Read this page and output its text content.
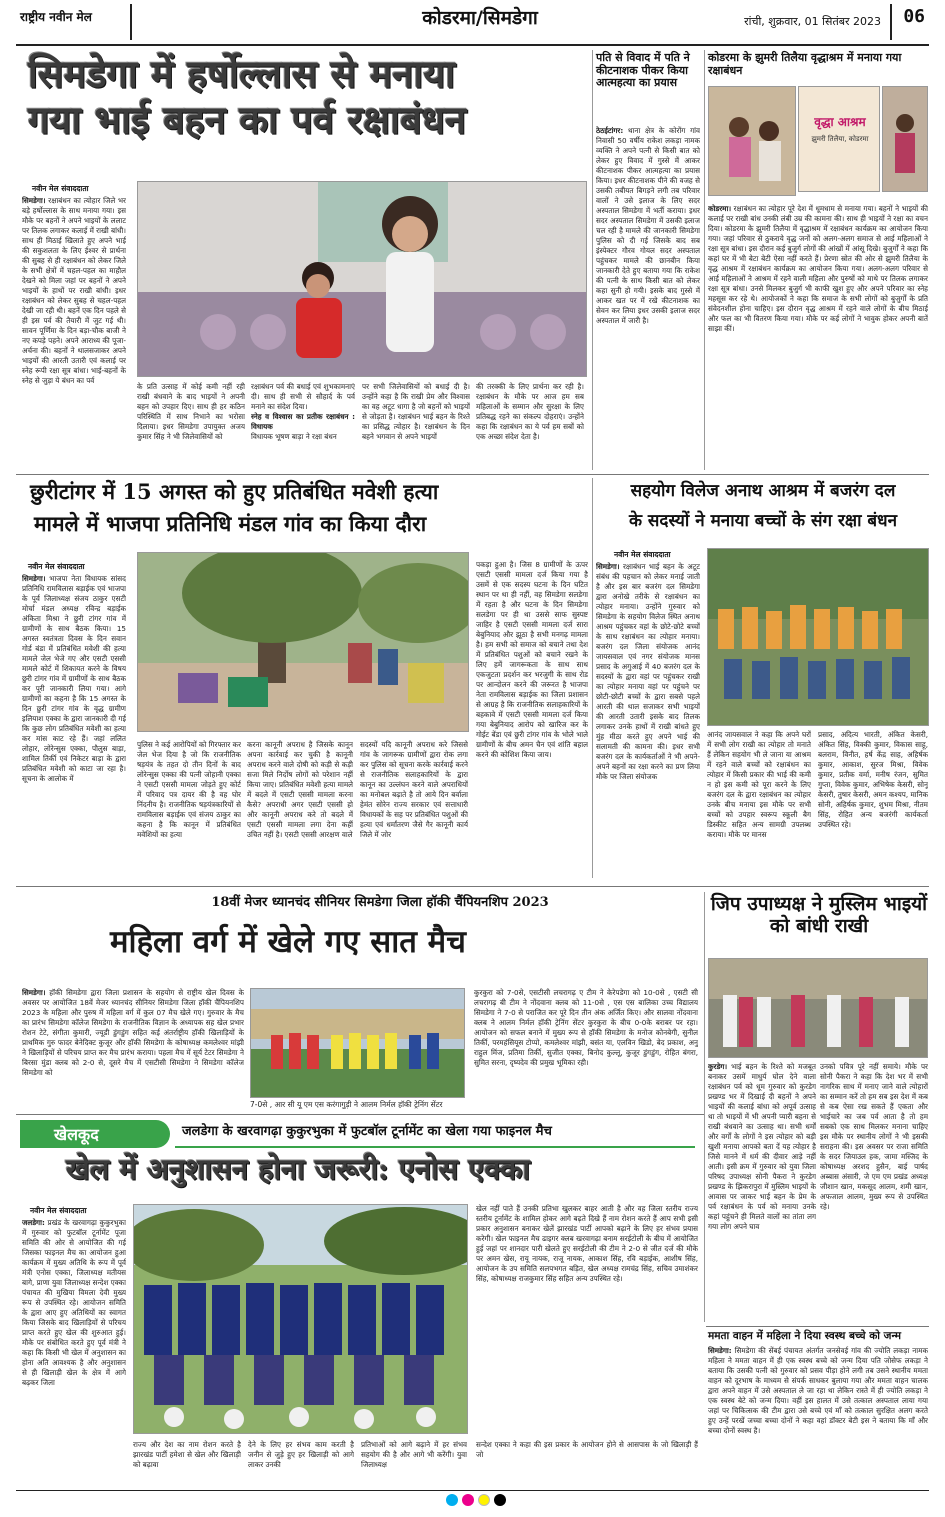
राष्ट्रीय नवीन मेल	कोडरमा/सिमडेगा	रांची, शुक्रवार, 01 सितंबर 2023 06
सिमडेगा में हर्षोल्लास से मनाया
गया भाई बहन का पर्व रक्षाबंधन
नवीन मेल संवाददाता
सिमडेगा। रक्षाबंधन का त्योहार जिले भर बड़े हर्षोल्लास के साथ मनाया गया। इस मौके पर बहनों ने अपने भाइयों के ललाट पर तिलक लगाकर कलाई में राखी बांधी। साथ ही मिठाई खिलाते हुए अपने भाई की सकुशलता के लिए ईश्वर से प्रार्थना की सुबह से ही रक्षाबंधन को लेकर जिले के सभी क्षेत्रों में चहल-पहल का माहौल देखने को मिला जहां पर बहनों ने अपने भाइयों के हाथों पर राखी बांधी। इधर रक्षाबंधन को लेकर सुबह से चहल-पहल देखी जा रही थी। बहनें एक दिन पहले से ही इस पर्व की तैयारी में जुट गई थी। सावन पूर्णिमा के दिन बड़ा-चौक बाजी ने नए कपड़े पहने। अपने आराध्य की पूजा-अर्चना की। बहनों ने थालसजाकर अपने भाइयों की आरती उतारी एवं कलाई पर स्नेह रूपी रक्षा सूत्र बांधा। भाई-बहनों के स्नेह से जुड़ा ये बंधन का पर्व
के प्रति उत्साह में कोई कमी नहीं रही राखी बंधवाने के बाद भाइयों ने अपनी बहन को उपहार दिए। साथ ही हर कठिन परिस्थिति में साथ निभाने का भरोसा दिलाया। इधर सिमडेगा उपायुक्त अजय कुमार सिंह ने भी जिलेवासियों को
रक्षाबंधन पर्व की बधाई एवं शुभकामनाएं दी। साथ ही सभी से सौहार्द के पर्व मनाने का संदेश दिया।
स्नेह व विश्वास का प्रतीक रक्षाबंधन : विधायक
विधायक भूषण बाड़ा ने रक्षा बंधन
पर सभी जिलेवासियों को बधाई दी है। उन्होंने कहा है कि राखी प्रेम और विश्वास का वह अटूट धागा है जो बहनों को भाइयों से जोड़ता है। रक्षाबंधन भाई बहन के रिश्ते का प्रसिद्ध त्योहार है। रक्षाबंधन के दिन बहने भगवान से अपने भाइयों
की तरक्की के लिए प्रार्थना कर रही है। रक्षाबंधन के मौके पर आज हम सब महिलाओं के सम्मान और सुरक्षा के लिए प्रतिबद्ध रहने का संकल्प दोहराएं। उन्होंने कहा कि रक्षाबंधन का ये पर्व हम सबों को एक अच्छा संदेश देता है।
पति से विवाद में पति ने कीटनाशक पीकर किया आत्महत्या का प्रयास
ठेठईटांगर: थाना क्षेत्र के कोरोंग गांव निवासी 50 वर्षीय राकेश लकड़ा नामक व्यक्ति ने अपने पत्नी से किसी बात को लेकर हुए विवाद में गुस्से में आकर कीटनाशक पीकर आत्महत्या का प्रयास किया। इधर कीटनाशक पीने की वजह से उसकी तबीयत बिगड़ने लगी तब परिवार वालों ने उसे इलाज के लिए सदर अस्पताल सिमडेगा में भर्ती कराया। इधर सदर अस्पताल सिमडेगा में उसकी इलाज चल रही है मामले की जानकारी सिमडेगा पुलिस को दी गई जिसके बाद सब इंस्पेक्टर गौरव गोयल सदर अस्पताल पहुंचकर मामले की छानबीन किया जानकारी देते हुए बताया गया कि राकेश की पत्नी के साथ किसी बात को लेकर कहा सुनी हो गयी। इसके बाद गुस्से में आकर खत पर में रखे कीटनाशक का सेवन कर लिया इधर उसकी इलाज सदर अस्पताल में जारी है।
कोडरमा के झुमरी तिलैया वृद्धाश्रम में मनाया गया रक्षाबंधन
वृद्धा आश्रम
झुमरी तिलैया, कोडरमा
कोडरमा। रक्षाबंधन का त्योहार पूरे देश में धूमधाम से मनाया गया। बहनों ने भाइयों की कलाई पर राखी बांध उनकी लंबी उम्र की कामना की। साथ ही भाइयों ने रक्षा का वचन दिया। कोडरमा के झुमरी तिलैया में वृद्धाश्रम में रक्षाबंधन कार्यक्रम का आयोजन किया गया। जहां परिवार से ठुकराये वृद्ध जनों को अलग-अलग समाज से आई महिलाओं ने रक्षा सूत्र बांधा। इस दौरान कई बुजुर्ग लोगों की आंखों में आंसू दिखे। बुजुर्गों ने कहा कि कहां घर में भी बेटा बेटी ऐसा नहीं करते हैं। प्रेरणा स्रोत की ओर से झुमरी तिलैया के वृद्ध आश्रम में रक्षाबंधन कार्यक्रम का आयोजन किया गया। अलग-अलग परिवार से आई महिलाओं ने आश्रम में रहने वाली महिला और पुरुषों को माथे पर तिलक लगाकर रक्षा सूत्र बांधा। उनसे मिलकर बुजुर्ग भी काफी खुश हुए और अपने परिवार का स्नेह महसूस कर रहे थे। आयोजकों ने कहा कि समाज के सभी लोगों को बुजुर्गों के प्रति संवेदनशील होना चाहिए। इस दौरान वृद्ध आश्रम में रहने वाले लोगों के बीच मिठाई और फल का भी वितरण किया गया। मौके पर कई लोगों ने भावुक होकर अपनी बातें साझा कीं।
छुरीटांगर में 15 अगस्त को हुए प्रतिबंधित मवेशी हत्या
मामले में भाजपा प्रतिनिधि मंडल गांव का किया दौरा
नवीन मेल संवाददाता
सिमडेगा। भाजपा नेता विधायक सांसद प्रतिनिधि रामविलास बड़ाईक एवं भाजपा के पूर्व जिलाध्यक्ष संजय ठाकुर एसटी मोर्चा मंडल अध्यक्ष रविन्द्र बड़ाईक अंकिता मिश्रा ने छुरी टांगर गांव में ग्रामीणों के साथ बैठक किया। 15 अगस्त स्वतंत्रता दिवस के दिन सवान गोर्ड बंडा में प्रतिबंधित मवेशी की हत्या मामले जेल भेजे गए और एसटी एससी मामले कोर्ट में शिकायत करने के विषय छुरी टांगर गांव में ग्रामीणों के साथ बैठक कर पूरी जानकारी लिया गया। आगे ग्रामीणों का कहना है कि 15 अगस्त के दिन छुरी टांगर गांव के वृद्ध ग्रामीण इलियाश एक्का के द्वारा जानकारी दी गई कि कुछ लोग प्रतिबंधित मवेशी का हत्या कर मांस काट रहे हैं। जहां ललित लोहार, लोरेन्सुस एक्का, पौलुस बाड़ा, शामिल तिर्की एवं निकेटर बाड़ा के द्वारा प्रतिबंधित मवेशी को काटा जा रहा है। सूचना के आलोक में
पुलिस ने कई आरोपियों को गिरफ्तार कर जेल भेज दिया है जो कि राजनीतिक षड़यंत्र के तहत दो तीन दिनों के बाद लोरेन्सुस एक्का की पत्नी जोहानी एक्का ने एसटी एससी मामला जोड़ते हुए कोर्ट में परिवाद पत्र दायर की है वह घोर निंदनीय है। राजनीतिक षड़यंत्रकारियों से रामविलास बड़ाईक एवं संजय ठाकुर का कहना है कि कानून में प्रतिबंधित मवेशियों का हत्या
करना कानूनी अपराध है जिसके कानून अपना कार्रवाई कर चुकी है कानूनी अपराध करने वाले दोषी को कड़ी से कड़ी सजा मिले निर्दोष लोगों को परेशान नहीं किया जाए। प्रतिबंधित मवेशी हत्या मामले में बदले में एसटी एससी मामला करना कैसे? अपराधी अगर एसटी एससी हो और कानूनी अपराध करे तो बदले में एसटी एससी मामला लगा देना कहीं उचित नहीं है। एसटी एससी आरक्षण वाले
सदस्यों यदि कानूनी अपराध करे जिससे गांव के जागरूक ग्रामीणों द्वारा रोक लगा कर पुलिस को सूचना करके कार्रवाई करने से राजनीतिक सलाहकारियों के द्वारा कानून का उल्लंघन करने वाले अपराधियों का मनोबल बढ़ाते है तो आये दिन बर्वाला हेमंत सोरेन राज्य सरकार एवं सत्ताधारी विधायकों के सह पर प्रतिबंधित पशुओं की हत्या एवं धर्मांतरण जैसे गैर कानूनी कार्य जिले में जोर
पकड़ा हुआ है। जिस 8 ग्रामीणों के ऊपर एसटी एससी मामला दर्ज किया गया है उसमें से एक सदस्य घटना के दिन घटित स्थान पर था ही नहीं, वह सिमडेगा सलडेगा में रहता है और घटना के दिन सिमडेगा सलडेगा पर ही था उससे साफ सुस्पष्ट जाहिर है एसटी एससी मामला दर्ज सारा बेबुनियाद और झूठा है सभी मनगढ़ मामला है। हम सभी को समाज को बचाने तथा देश में प्रतिबंधित पशुओं को बचाने रखने के लिए हमें जागरूकता के साथ साथ एकजुटता प्रदर्शन कर भरजुगी के साथ रोड पर आन्दोलन करने की जरूरत है भाजपा नेता रामविलास बड़ाईक का जिला प्रशासन से आग्रह है कि राजनीतिक सलाहकारियों के बहकावे में एसटी एससी मामला दर्ज किया गया बेबुनियाद आरोप को खारिज कर के गोईट बेंडा एवं छुरी टांगर गांव के भोले भाले ग्रामीणों के बीच अमन चैन एवं शांति बहाल करने की कोशिश किया जाय।
सहयोग विलेज अनाथ आश्रम में बजरंग दल
के सदस्यों ने मनाया बच्चों के संग रक्षा बंधन
नवीन मेल संवाददाता
सिमडेगा। रक्षाबंधन भाई बहन के अटूट संबंध की पहचान को लेकर मनाई जाती है और इस बार बजरंग दल सिमडेगा द्वारा अनोखे तरीके से रक्षाबंधन का त्योहार मनाया। उन्होंने गुरुवार को सिमडेगा के सहयोग विलेज स्थित अनाथ आश्रम पहुंचकर वहां के छोटे-छोटे बच्चों के साथ रक्षाबंधन का त्योहार मनाया। बजरंग दल जिला संयोजक आनंद जायसवाल एवं नगर संयोजक मानस प्रसाद के अगुआई में 40 बजरंग दल के सदस्यों के द्वारा वहां पर पहुंचकर राखी का त्योहार मनाया वहां पर पहुंचने पर छोटी-छोटी बच्चों के द्वारा सबसे पहले आरती की थाल सजाकर सभी भाइयों की आरती उतारी इसके बाद तिलक लगाकर उनके हाथों में राखी बांधते हुए मुंह मीठा करते हुए अपने भाई की सलामती की कामना की। इधर सभी बजरंग दल के कार्यकर्ताओं ने भी अपने-अपने बहनों का रक्षा करने का प्रण लिया मौके पर जिला संयोजक
आनंद जायसवाल ने कहा कि अपने घरों में सभी लोग राखी का त्योहार तो मनाते हैं लेकिन सहयोग भी ले जाना या आश्रम में रहने वाले बच्चों को रक्षाबंधन का त्योहार में किसी प्रकार की भाई की कमी न हो इस कमी को पूरा करने के लिए बजरंग दल के द्वारा रक्षाबंधन का त्योहार उनके बीच मनाया इस मौके पर सभी बच्चों को उपहार स्वरूप स्कूली बैग डिस्कीट सहित अन्य सामग्री उपलब्ध कराया। मौके पर मानस
प्रसाद, अदित्य भारती, अंकित केसरी, अंकित सिंह, विक्की कुमार, विकास साहू, बलराम, विनीत, हर्ष केंद्र साह, अहिर्षक कुमार, आकाश, सुरज मिश्रा, विवेक कुमार, प्रतीक वर्मा, मनीष रंजन, सुमित गुप्ता, विवेक कुमार, अभिषेक केसरी, सोनू केसरी, तुषार केसरी, अमन कश्यप, मानिक सोनी, अहिर्षक कुमार, शुभम मिश्रा, नीतम सिंह, रोहित अन्य बजरंगी कार्यकर्ता उपस्थित रहे।
18वीं मेजर ध्यानचंद सीनियर सिमडेगा जिला हॉकी चैंपियनशिप 2023
महिला वर्ग में खेले गए सात मैच
सिमडेगा। हॉकी सिमडेगा द्वारा जिला प्रशासन के सहयोग से राष्ट्रीय खेल दिवस के अवसर पर आयोजित 18वें मेजर ध्यानचंद सीनियर सिमडेगा जिला हॉकी चैंपियनशिप 2023 के महिला और पुरुष में महिला वर्ग में कुल 07 मैच खेले गए। गुरुवार के मैच का प्रारंभ सिमडेगा कॉलेज सिमडेगा के राजनीतिक विज्ञान के अध्यापक सह खेल प्रभार रोशन टेटे, संगीता कुमारी, ज्यूडी डुंगडुंग सहित कई अंतर्राष्ट्रीय हॉकी खिलाड़ियों के प्राथमिक गुरु फादर बेनेदिक्ट कुजूर और हॉकी सिमडेगा के कोषाध्यक्ष कमलेश्वर मांझी ने खिलाड़ियों से परिचय प्राप्त कर मैच प्रारंभ कराया। पहला मैच में सूर्य टेटर सिमडेगा ने बिरसा मुंडा क्लब को 2-0 से, दूसरे मैच में एसटीसी सिमडेगा ने सिमडेगा कॉलेज सिमडेगा को
7-0से , आर सी यू एम एस करंगागुड़ी ने आलम निर्मल हॉकी ट्रेनिंग सेंटर
कुरकुरा को 7-0से, एसटीसी लचरागढ़ ए टीम ने केरेपडेगा को 10-0से , एसटी सी लचरागढ़ बी टीम ने नोंदवाना क्लब को 11-0से , एस एस बालिका उच्च विद्यालय सिमडेगा ने 7-0 से पराजित कर पूरे दिन तीन अंक अर्जित किए। और सालवा नोंदवाना क्लब ने आलम निर्मल हॉकी ट्रेनिंग सेंटर कुरकुरा के बीच 0-0के बराबर पर रहा। आयोजन को सफल बनाने में मुख्य रूप से हॉकी सिमडेगा के मनोज कोनबेगी, सुनील तिर्की, परमहंसियूस टोप्पो, कमलेश्वर मांझी, बसंत या, एलविन खिडो, बेद प्रकाश, अनु राहुल मिंज, प्रतिमा तिर्की, सुजीत एक्का, बिनोद कुल्लू, कुजूर डुंगडुंग, रोहित बंगरा, सुमित सरना, दृष्यदेव की प्रमुख भूमिका रही।
जिप उपाध्यक्ष ने मुस्लिम भाइयों को बांधी राखी
कुरडेग। भाई बहन के रिश्ते को मजबूत बनाकर उसमें माधुर्य घोल देने वाला रक्षाबंधन पर्व को धूम गुरुवार को कुरडेग प्रखण्ड भर में दिखाई दी बहनों ने अपने भाइयों की कलाई बांधा को अपूर्व उत्साह था तो भाइयों में भी अपनी प्यारी बहना से राखी बंधवाने का उत्साह था। सभी धर्मों और वर्गों के लोगों ने इस त्योहार को बड़ी खुशी मनाया आपको बता दें यह त्योहार है जिसे मानने में धर्म की दीवार आड़े नहीं आती। इसी क्रम में गुरुवार को युवा जिला परिषद उपाध्यक्ष सोनी पैकरा ने कुरडेग प्रखण्ड के झिकरापुरा में मुस्लिम भाइयों के आवास पर जाकर भाई बहन के प्रेम के पर्व रक्षाबंधन के पर्व को मनाया उनके कहां पहुंचने ही मिलते वालों का तांता लग गया लोग अपने घाव
उनको पवित्र पूरे नहीं समाये। मौके पर सोनी पैकरा ने कहा कि देश भर में सभी नागरिक साथ में मनाए जाने वाले त्योहारों का सम्मान करें तो हम सब इस देश में कब से कब ऐसा रख सकते हैं एकता और भाईचारे का जब पर्व आता है तो हम सबको एक साथ मिलकर मनाना चाहिए इस मौके पर स्थानीय लोगों ने भी इसकी सराहना की। इस अवसर पर राजा समिति के सदर जियाउल हक, जामा मस्जिद के कोषाध्यक्ष अरशद हुसैन, बाई पार्षद अब्बास अंसारी, जे एम एम प्रखंड अध्यक्ष जीशान खान, मकसूद आलम, शमी खान, अफजाल आलम, मुख्य रूप से उपस्थित रहे।
ममता वाहन में महिला ने दिया स्वस्थ बच्चे को जन्म
सिमडेगा: सिमडेगा की सेंबई पंचायत अंतर्गत जनसेवई गांव की ज्योति लकड़ा नामक महिला ने ममता वाहन में ही एक स्वस्थ बच्चे को जन्म दिया पति जोसेफ लकड़ा ने बताया कि उसकी पत्नी को गुरुवार को प्रसव पीड़ा होने लगी तब उसने स्थानीय ममता वाहन को दूरभाष के माध्यम से संपर्क साधकर बुलाया गया और ममता वाहन चालक द्वारा अपने वाहन में उसे अस्पताल ले जा रहा था लेकिन रास्ते में ही ज्योति लकड़ा ने एक स्वस्थ बेटे को जन्म दिया। वहीं इस हालत में उसे तत्काल अस्पताल लाया गया जहां पर चिकित्सक की टीम द्वारा उसे बच्चे एवं माँ को तत्काल सुरक्षित अलग करते हुए उन्हें परखें जच्चा बच्चा दोनों ने कहा वहां डॉक्टर बेटी इस ने बताया कि माँ और बच्चा दोनों स्वस्थ है।
खेलकूद	जलडेगा के खरवागढ़ा कुकुरभुका में फुटबॉल टूर्नामेंट का खेला गया फाइनल मैच
खेल में अनुशासन होना जरूरी: एनोस एक्का
नवीन मेल संवाददाता
जलडेगा: प्रखंड के खरवागढ़ा कुकुरभुका में गुरुवार को फुटबॉल टूर्नामेंट पूजा समिति की ओर से आयोजित की गई जिसका फाइनल मैच का आयोजन हुआ कार्यक्रम में मुख्य अतिथि के रूप में पूर्व मंत्री एनोस एक्का, जिलाध्यक्ष मतीयस बागे, प्राणा युवा जिलाध्यक्ष सन्देश एक्का पंचायत की मुखिया विमला देवी मुख्य रूप से उपस्थित रहे। आयोजन समिति के द्वारा आए हुए अतिथियों का स्वागत किया जिसके बाद खिलाड़ियों से परिचय प्राप्त करते हुए खेल की शुरुआत हुई। मौके पर संबोधित करते हुए पूर्व मंत्री ने कहा कि किसी भी खेल में अनुशासन का होना अति आवश्यक है और अनुशासन से ही खिलाड़ी खेल के क्षेत्र में आगे बढ़कर जिला
राज्य और देश का नाम रोशन करते है झारखंड पार्टी हमेशा से खेल और खिलाड़ी को बढ़ावा
देने के लिए हर संभव काम करती है जनीन से जुड़े हुए हर खिलाड़ी को आगे लाकर उनकी
प्रतिभाओं को आगे बढ़ाने में हर संभव सहयोग की है और आगे भी करेंगी। युवा जिलाध्यक्ष
खेल नहीं पाते हैं उनकी प्रतिभा खुलकर बाहर आती है और वह जिला स्तरीय राज्य स्तरीय टूर्नामेंट के शामिल होकर आगे बढ़ते दिखे हैं नाम रोशन करते हैं आप सभी इसी प्रकार अनुशासन बनाकर खेलें झारखंड पार्टी आपको बढ़ाने के लिए हर संभव प्रयास करेगी। खेल फाइनल मैच ढाइगर क्लब खरवागढ़ा बनाम सरईटोली के बीच में आयोजित हुई जहां पर शानदार पारी खेलते हुए सरईटोली की टीम ने 2-0 से जीत दर्ज की मौके पर अमन खेस, रायू नायक, राजू नायक, आकाश सिंह, रवि बड़ाईक, आशीष सिंह, आयोजन के उप समिति सलपभगत बड़ित, खेल अध्यक्ष रामचंद्र सिंह, सचिव उमाशंकर सिंह, कोषाध्यक्ष राजकुमार सिंह सहित अन्य उपस्थित रहे।
सन्देश एक्का ने कहा की इस प्रकार के आयोजन होने से आसपास के जो खिलाड़ी हैं जो
